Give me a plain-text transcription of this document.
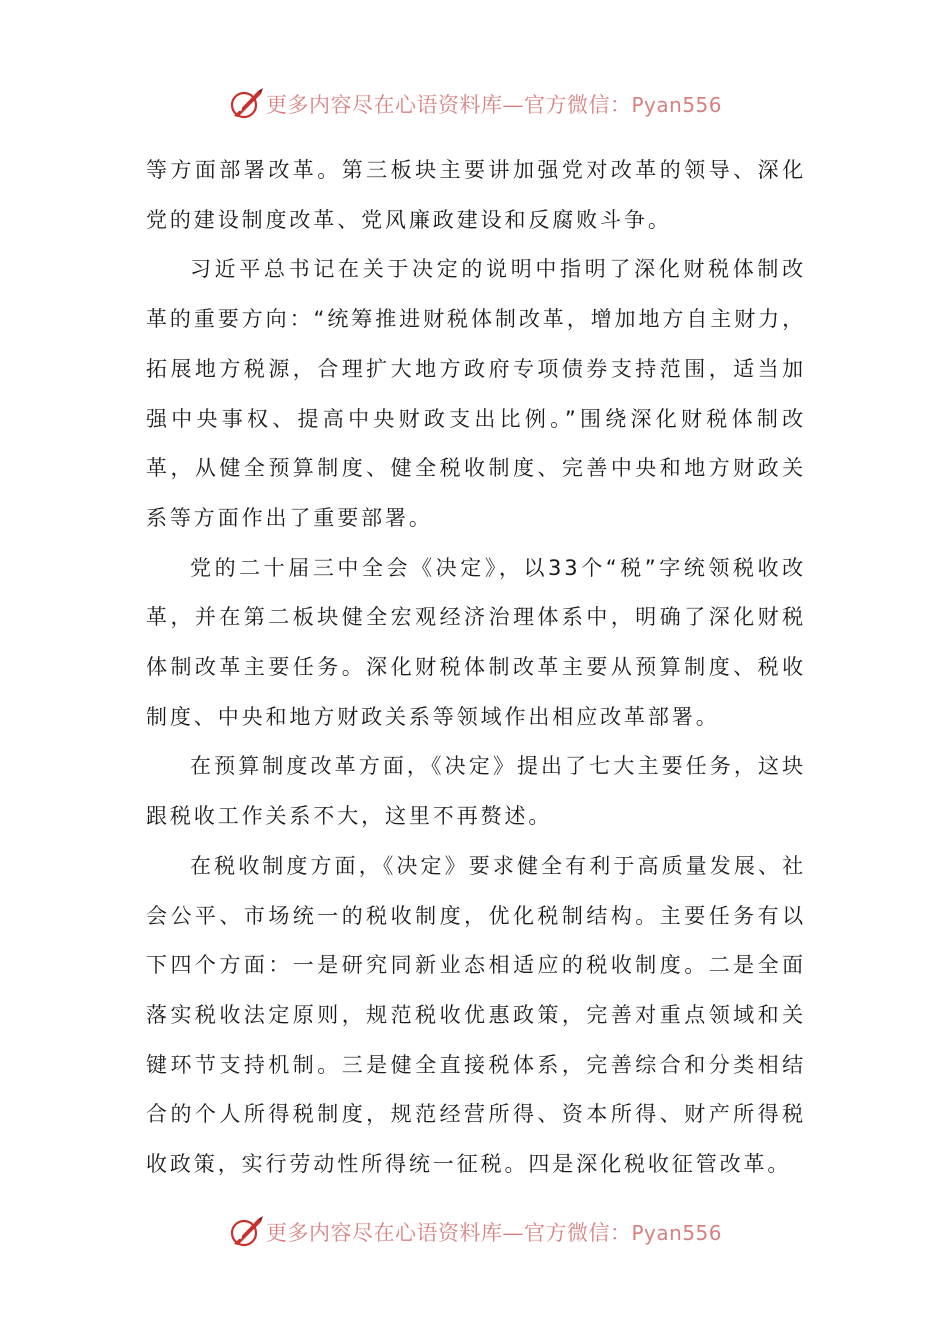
更多内容尽在心语资料库—官方微信：Pyan556

等方面部署改革。第三板块主要讲加强党对改革的领导、深化党的建设制度改革、党风廉政建设和反腐败斗争。

习近平总书记在关于决定的说明中指明了深化财税体制改革的重要方向：“统筹推进财税体制改革，增加地方自主财力，拓展地方税源，合理扩大地方政府专项债券支持范围，适当加强中央事权、提高中央财政支出比例。”围绕深化财税体制改革，从健全预算制度、健全税收制度、完善中央和地方财政关系等方面作出了重要部署。

党的二十届三中全会《决定》，以33个“税”字统领税收改革，并在第二板块健全宏观经济治理体系中，明确了深化财税体制改革主要任务。深化财税体制改革主要从预算制度、税收制度、中央和地方财政关系等领域作出相应改革部署。

在预算制度改革方面，《决定》提出了七大主要任务，这块跟税收工作关系不大，这里不再赘述。

在税收制度方面，《决定》要求健全有利于高质量发展、社会公平、市场统一的税收制度，优化税制结构。主要任务有以下四个方面：一是研究同新业态相适应的税收制度。二是全面落实税收法定原则，规范税收优惠政策，完善对重点领域和关键环节支持机制。三是健全直接税体系，完善综合和分类相结合的个人所得税制度，规范经营所得、资本所得、财产所得税收政策，实行劳动性所得统一征税。四是深化税收征管改革。

更多内容尽在心语资料库—官方微信：Pyan556
